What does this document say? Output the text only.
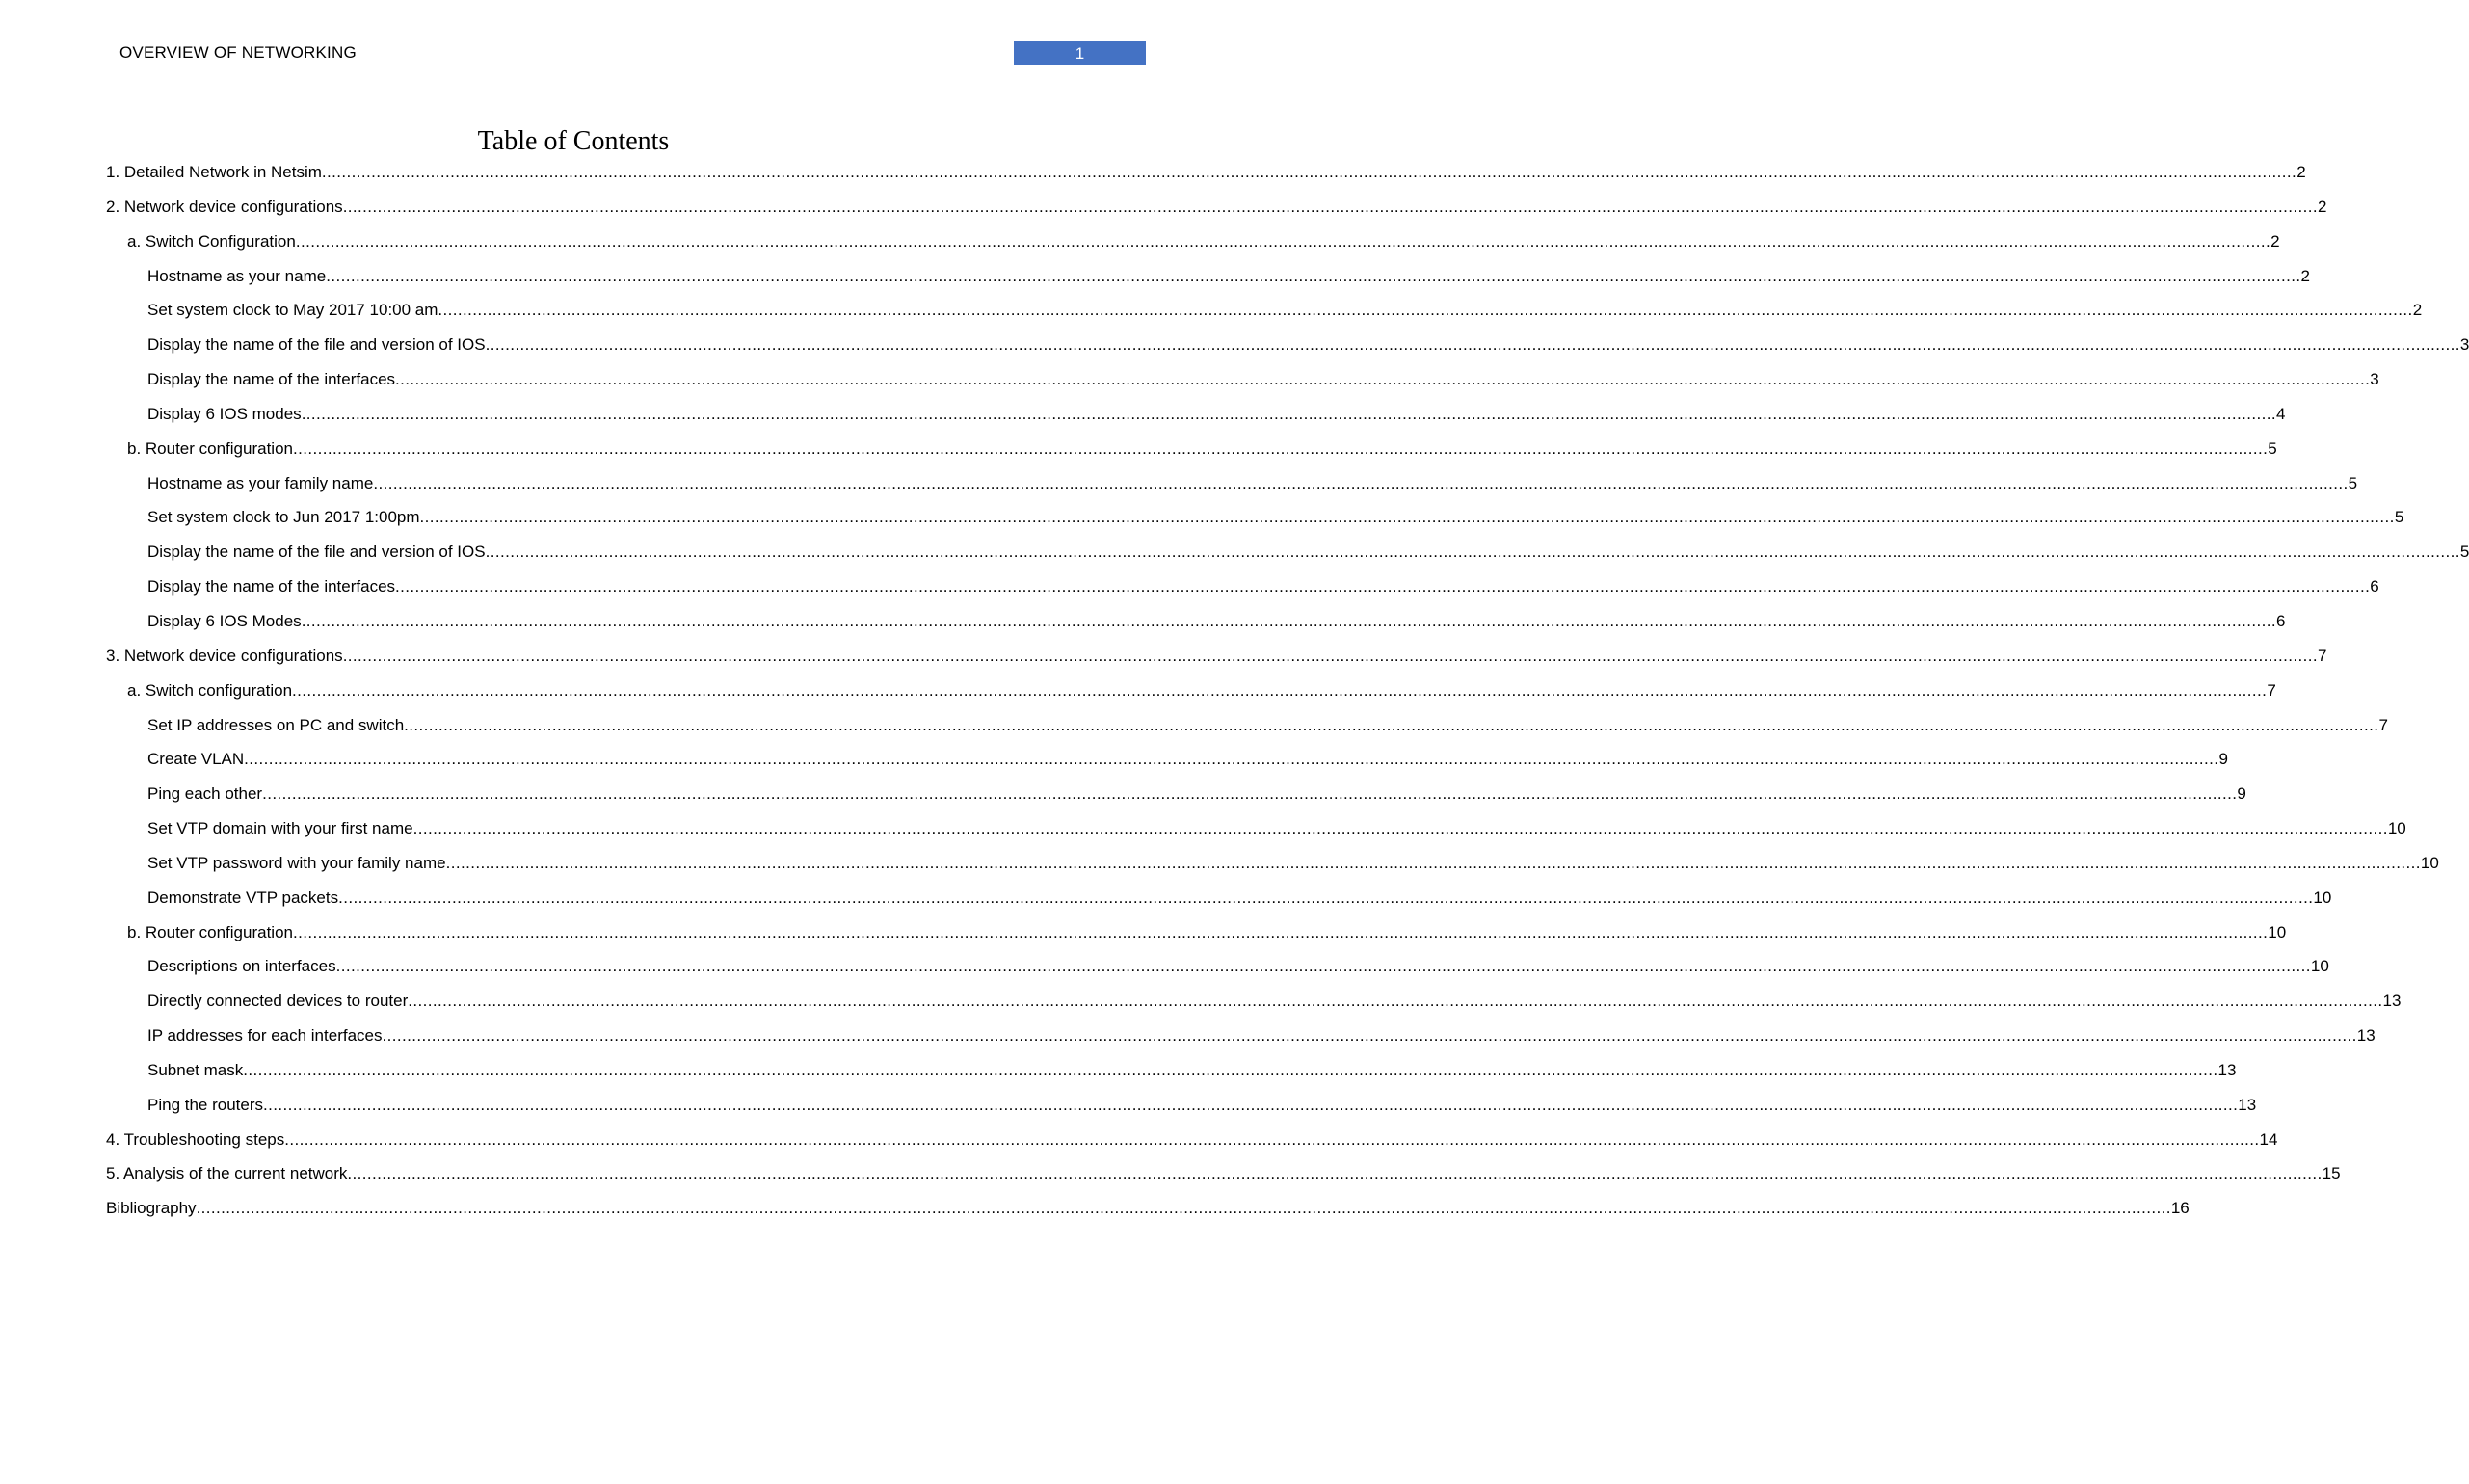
OVERVIEW OF NETWORKING	1
Table of Contents
1. Detailed Network in Netsim ................................................................................................................................................................................................................................................................................................................................................................................................................ 2
2. Network device configurations ................................................................................................................................................................................................................................................................................................................................................................................................................ 2
a. Switch Configuration ................................................................................................................................................................................................................................................................................................................................................................................................................ 2
Hostname as your name ................................................................................................................................................................................................................................................................................................................................................................................................................ 2
Set system clock to May 2017 10:00 am ................................................................................................................................................................................................................................................................................................................................................................................................................ 2
Display the name of the file and version of IOS ................................................................................................................................................................................................................................................................................................................................................................................................................ 3
Display the name of the interfaces ................................................................................................................................................................................................................................................................................................................................................................................................................ 3
Display 6 IOS modes ................................................................................................................................................................................................................................................................................................................................................................................................................ 4
b. Router configuration ................................................................................................................................................................................................................................................................................................................................................................................................................ 5
Hostname as your family name ................................................................................................................................................................................................................................................................................................................................................................................................................ 5
Set system clock to Jun 2017 1:00pm ................................................................................................................................................................................................................................................................................................................................................................................................................ 5
Display the name of the file and version of IOS ................................................................................................................................................................................................................................................................................................................................................................................................................ 5
Display the name of the interfaces ................................................................................................................................................................................................................................................................................................................................................................................................................ 6
Display 6 IOS Modes ................................................................................................................................................................................................................................................................................................................................................................................................................ 6
3. Network device configurations ................................................................................................................................................................................................................................................................................................................................................................................................................ 7
a. Switch configuration ................................................................................................................................................................................................................................................................................................................................................................................................................ 7
Set IP addresses on PC and switch ................................................................................................................................................................................................................................................................................................................................................................................................................ 7
Create VLAN ................................................................................................................................................................................................................................................................................................................................................................................................................ 9
Ping each other ................................................................................................................................................................................................................................................................................................................................................................................................................ 9
Set VTP domain with your first name ................................................................................................................................................................................................................................................................................................................................................................................................................ 10
Set VTP password with your family name ................................................................................................................................................................................................................................................................................................................................................................................................................ 10
Demonstrate VTP packets ................................................................................................................................................................................................................................................................................................................................................................................................................ 10
b. Router configuration ................................................................................................................................................................................................................................................................................................................................................................................................................ 10
Descriptions on interfaces ................................................................................................................................................................................................................................................................................................................................................................................................................ 10
Directly connected devices to router ................................................................................................................................................................................................................................................................................................................................................................................................................ 13
IP addresses for each interfaces ................................................................................................................................................................................................................................................................................................................................................................................................................ 13
Subnet mask ................................................................................................................................................................................................................................................................................................................................................................................................................ 13
Ping the routers ................................................................................................................................................................................................................................................................................................................................................................................................................ 13
4. Troubleshooting steps ................................................................................................................................................................................................................................................................................................................................................................................................................ 14
5. Analysis of the current network ................................................................................................................................................................................................................................................................................................................................................................................................................ 15
Bibliography ................................................................................................................................................................................................................................................................................................................................................................................................................ 16
